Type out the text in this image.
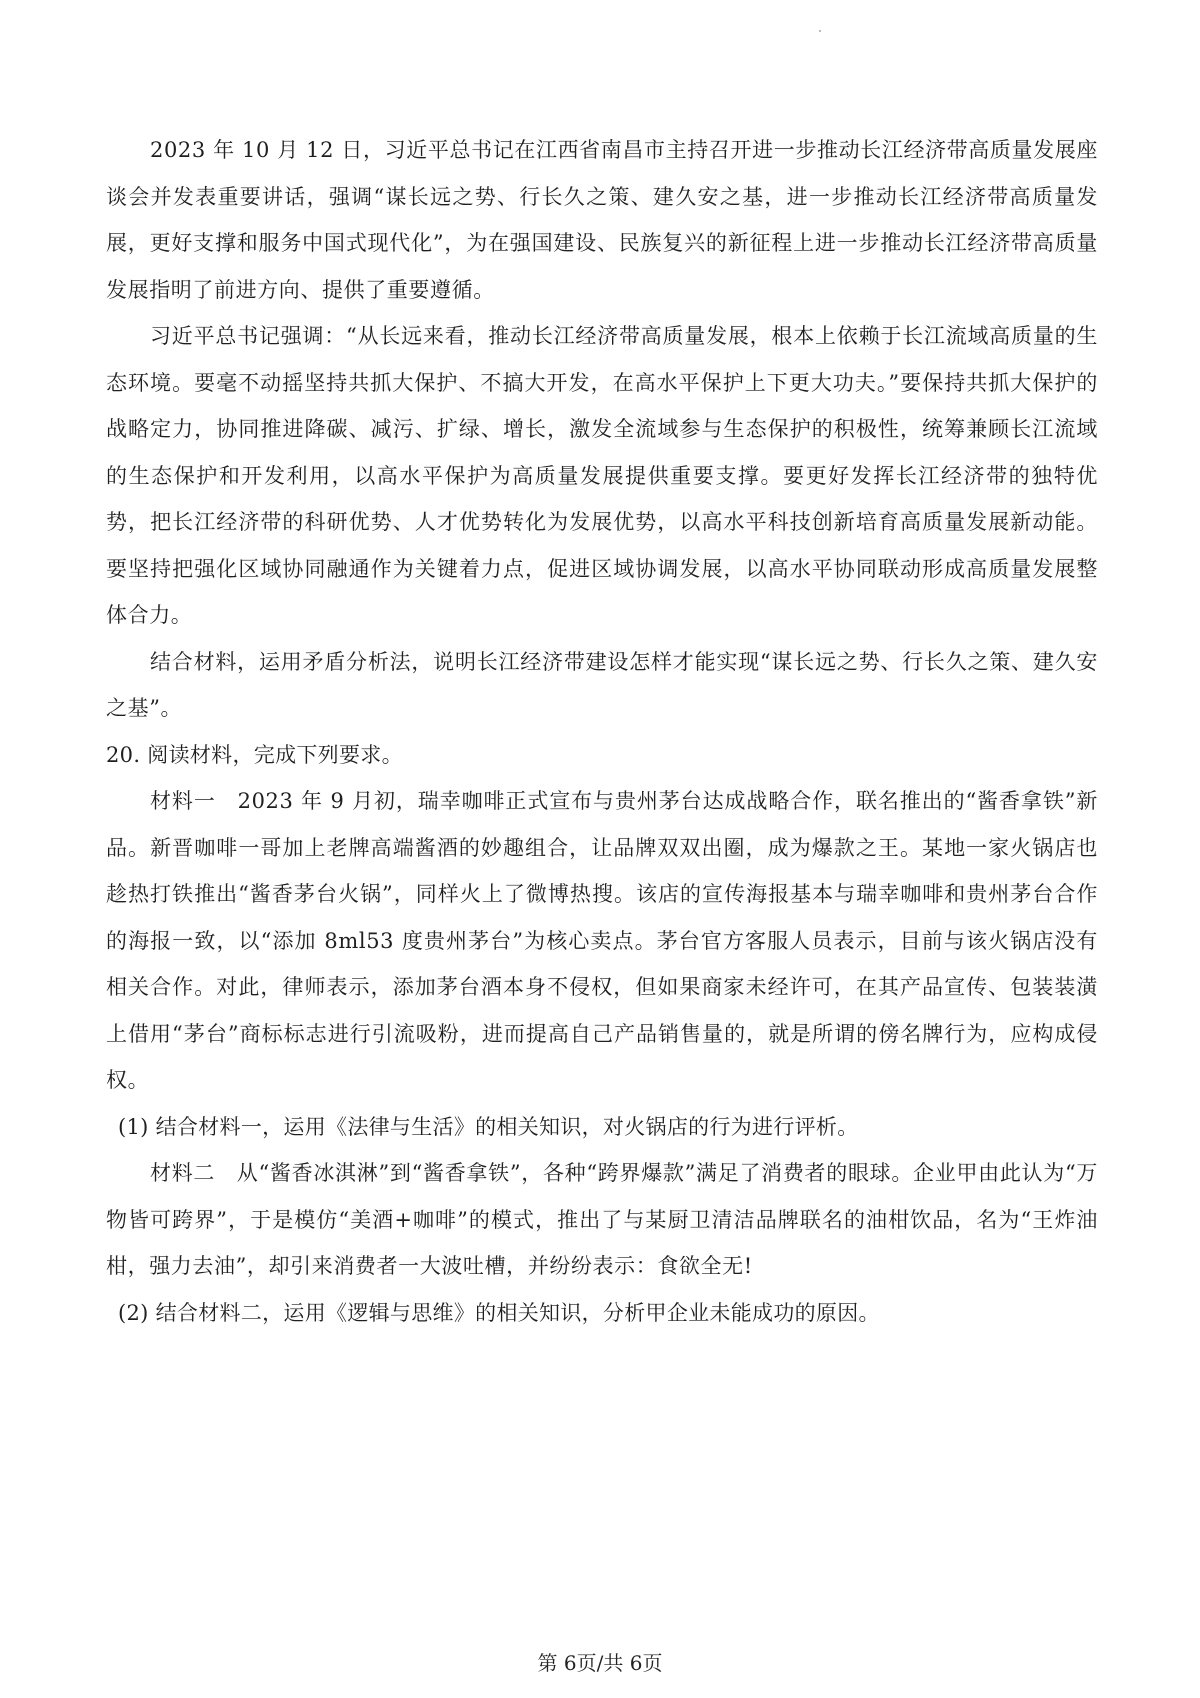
2023 年 10 月 12 日，习近平总书记在江西省南昌市主持召开进一步推动长江经济带高质量发展座谈会并发表重要讲话，强调“谋长远之势、行长久之策、建久安之基，进一步推动长江经济带高质量发展，更好支撑和服务中国式现代化”，为在强国建设、民族复兴的新征程上进一步推动长江经济带高质量发展指明了前进方向、提供了重要遵循。

习近平总书记强调：“从长远来看，推动长江经济带高质量发展，根本上依赖于长江流域高质量的生态环境。要毫不动摇坚持共抓大保护、不搞大开发，在高水平保护上下更大功夫。”要保持共抓大保护的战略定力，协同推进降碳、减污、扩绿、增长，激发全流域参与生态保护的积极性，统筹兼顾长江流域的生态保护和开发利用，以高水平保护为高质量发展提供重要支撑。要更好发挥长江经济带的独特优势，把长江经济带的科研优势、人才优势转化为发展优势，以高水平科技创新培育高质量发展新动能。要坚持把强化区域协同融通作为关键着力点，促进区域协调发展，以高水平协同联动形成高质量发展整体合力。

结合材料，运用矛盾分析法，说明长江经济带建设怎样才能实现“谋长远之势、行长久之策、建久安之基”。

20. 阅读材料，完成下列要求。

材料一　2023 年 9 月初，瑞幸咖啡正式宣布与贵州茅台达成战略合作，联名推出的“酱香拿铁”新品。新晋咖啡一哥加上老牌高端酱酒的妙趣组合，让品牌双双出圈，成为爆款之王。某地一家火锅店也趁热打铁推出“酱香茅台火锅”，同样火上了微博热搜。该店的宣传海报基本与瑞幸咖啡和贵州茅台合作的海报一致，以“添加 8ml53 度贵州茅台”为核心卖点。茅台官方客服人员表示，目前与该火锅店没有相关合作。对此，律师表示，添加茅台酒本身不侵权，但如果商家未经许可，在其产品宣传、包装装潢上借用“茅台”商标标志进行引流吸粉，进而提高自己产品销售量的，就是所谓的傍名牌行为，应构成侵权。

(1) 结合材料一，运用《法律与生活》的相关知识，对火锅店的行为进行评析。

材料二　从“酱香冰淇淋”到“酱香拿铁”，各种“跨界爆款”满足了消费者的眼球。企业甲由此认为“万物皆可跨界”，于是模仿“美酒+咖啡”的模式，推出了与某厨卫清洁品牌联名的油柑饮品，名为“王炸油柑，强力去油”，却引来消费者一大波吐槽，并纷纷表示：食欲全无!

(2) 结合材料二，运用《逻辑与思维》的相关知识，分析甲企业未能成功的原因。

第 6页/共 6页
